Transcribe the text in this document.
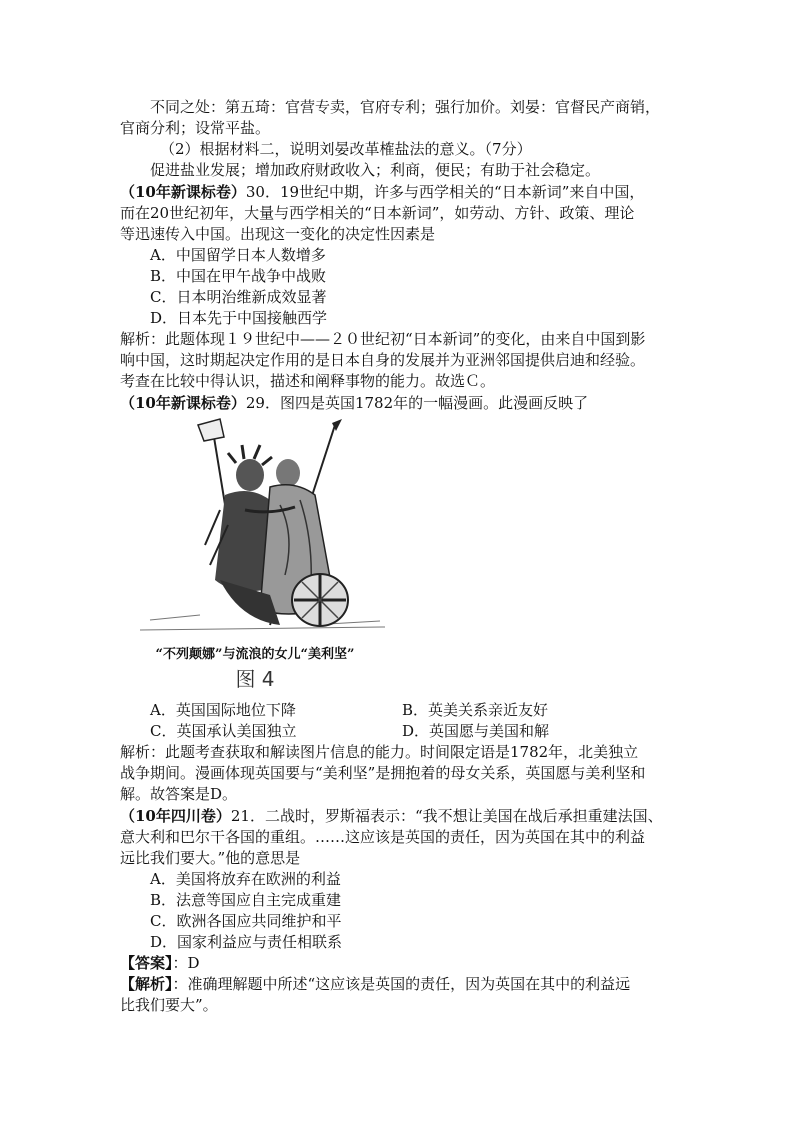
不同之处：第五琦：官营专卖，官府专利；强行加价。刘晏：官督民产商销，
官商分利；设常平盐。
（2）根据材料二，说明刘晏改革榷盐法的意义。（7分）
促进盐业发展；增加政府财政收入；利商，便民；有助于社会稳定。
（10年新课标卷）30．19世纪中期，许多与西学相关的“日本新词”来自中国，
而在20世纪初年，大量与西学相关的“日本新词”，如劳动、方针、政策、理论
等迅速传入中国。出现这一变化的决定性因素是
A．中国留学日本人数增多
B．中国在甲午战争中战败
C．日本明治维新成效显著
D．日本先于中国接触西学
解析：此题体现１９世纪中——２０世纪初“日本新词”的变化，由来自中国到影
响中国，这时期起决定作用的是日本自身的发展并为亚洲邻国提供启迪和经验。
考查在比较中得认识，描述和阐释事物的能力。故选Ｃ。
（10年新课标卷）29．图四是英国1782年的一幅漫画。此漫画反映了
“不列颠娜”与流浪的女儿“美利坚”
图 4
A．英国国际地位下降	B．英美关系亲近友好
C．英国承认美国独立	D．英国愿与美国和解
解析：此题考查获取和解读图片信息的能力。时间限定语是1782年，北美独立
战争期间。漫画体现英国要与“美利坚”是拥抱着的母女关系，英国愿与美利坚和
解。故答案是D。
（10年四川卷）21．二战时，罗斯福表示：“我不想让美国在战后承担重建法国、
意大利和巴尔干各国的重组。……这应该是英国的责任，因为英国在其中的利益
远比我们要大。”他的意思是
A．美国将放弃在欧洲的利益
B．法意等国应自主完成重建
C．欧洲各国应共同维护和平
D．国家利益应与责任相联系
【答案】：D
【解析】：准确理解题中所述“这应该是英国的责任，因为英国在其中的利益远
比我们要大”。
